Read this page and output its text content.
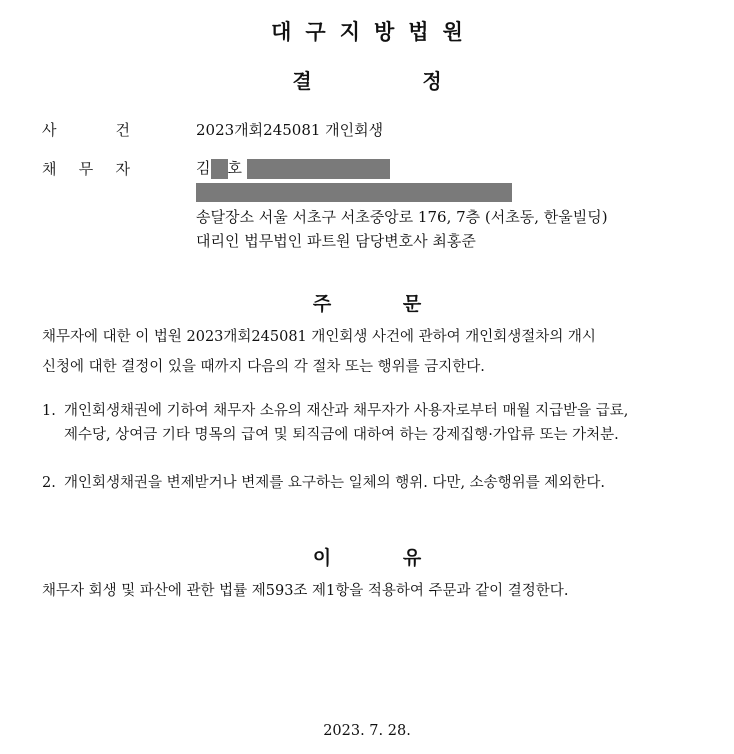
대구지방법원
결	정
사	건	2023개회245081 개인회생
채 무 자	김 호
송달장소 서울 서초구 서초중앙로 176, 7층 (서초동, 한울빌딩)
대리인 법무법인 파트원 담당변호사 최홍준
주	문
채무자에 대한 이 법원 2023개회245081 개인회생 사건에 관하여 개인회생절차의 개시
신청에 대한 결정이 있을 때까지 다음의 각 절차 또는 행위를 금지한다.
1. 개인회생채권에 기하여 채무자 소유의 재산과 채무자가 사용자로부터 매월 지급받을 급료, 제수당, 상여금 기타 명목의 급여 및 퇴직금에 대하여 하는 강제집행·가압류 또는 가처분.
2. 개인회생채권을 변제받거나 변제를 요구하는 일체의 행위. 다만, 소송행위를 제외한다.
이	유
채무자 회생 및 파산에 관한 법률 제593조 제1항을 적용하여 주문과 같이 결정한다.
2023. 7. 28.
